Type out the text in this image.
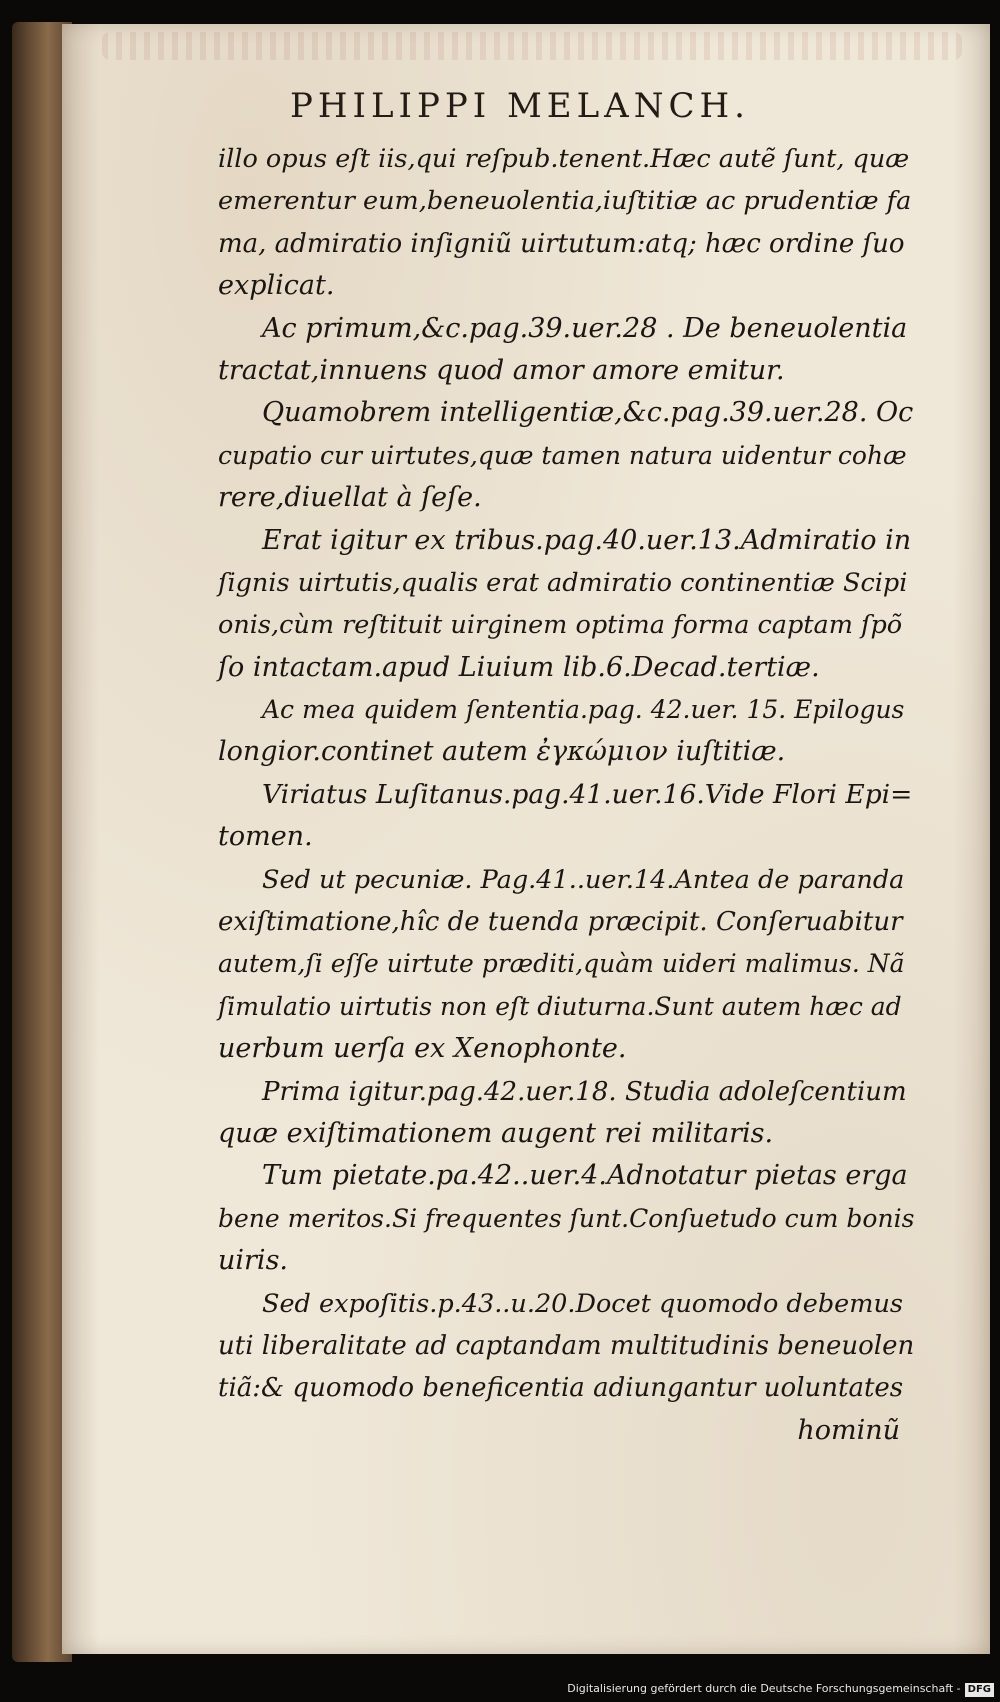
PHILIPPI MELANCH.
illo opus eſt iis,qui reſpub.tenent.Hæc autẽ ſunt, quæ
emerentur eum,beneuolentia,iuſtitiæ ac prudentiæ fa
ma, admiratio inſigniũ uirtutum:atq; hæc ordine ſuo
explicat.
Ac primum,&c.pag.39.uer.28 . De beneuolentia
tractat,innuens quod amor amore emitur.
Quamobrem intelligentiæ,&c.pag.39.uer.28. Oc
cupatio cur uirtutes,quæ tamen natura uidentur cohæ
rere,diuellat à ſeſe.
Erat igitur ex tribus.pag.40.uer.13.Admiratio in
ſignis uirtutis,qualis erat admiratio continentiæ Scipi
onis,cùm reſtituit uirginem optima forma captam ſpõ
ſo intactam.apud Liuium lib.6.Decad.tertiæ.
Ac mea quidem ſententia.pag. 42.uer. 15. Epilogus
longior.continet autem ἐγκώμιον iuſtitiæ.
Viriatus Luſitanus.pag.41.uer.16.Vide Flori Epi=
tomen.
Sed ut pecuniæ. Pag.41..uer.14.Antea de paranda
exiſtimatione,hîc de tuenda præcipit. Conſeruabitur
autem,ſi eſſe uirtute præditi,quàm uideri malimus. Nã
ſimulatio uirtutis non eſt diuturna.Sunt autem hæc ad
uerbum uerſa ex Xenophonte.
Prima igitur.pag.42.uer.18. Studia adoleſcentium
quæ exiſtimationem augent rei militaris.
Tum pietate.pa.42..uer.4.Adnotatur pietas erga
bene meritos.Si frequentes ſunt.Conſuetudo cum bonis
uiris.
Sed expoſitis.p.43..u.20.Docet quomodo debemus
uti liberalitate ad captandam multitudinis beneuolen
tiã:& quomodo beneficentia adiungantur uoluntates
hominũ
Digitalisierung gefördert durch die Deutsche Forschungsgemeinschaft - DFG
